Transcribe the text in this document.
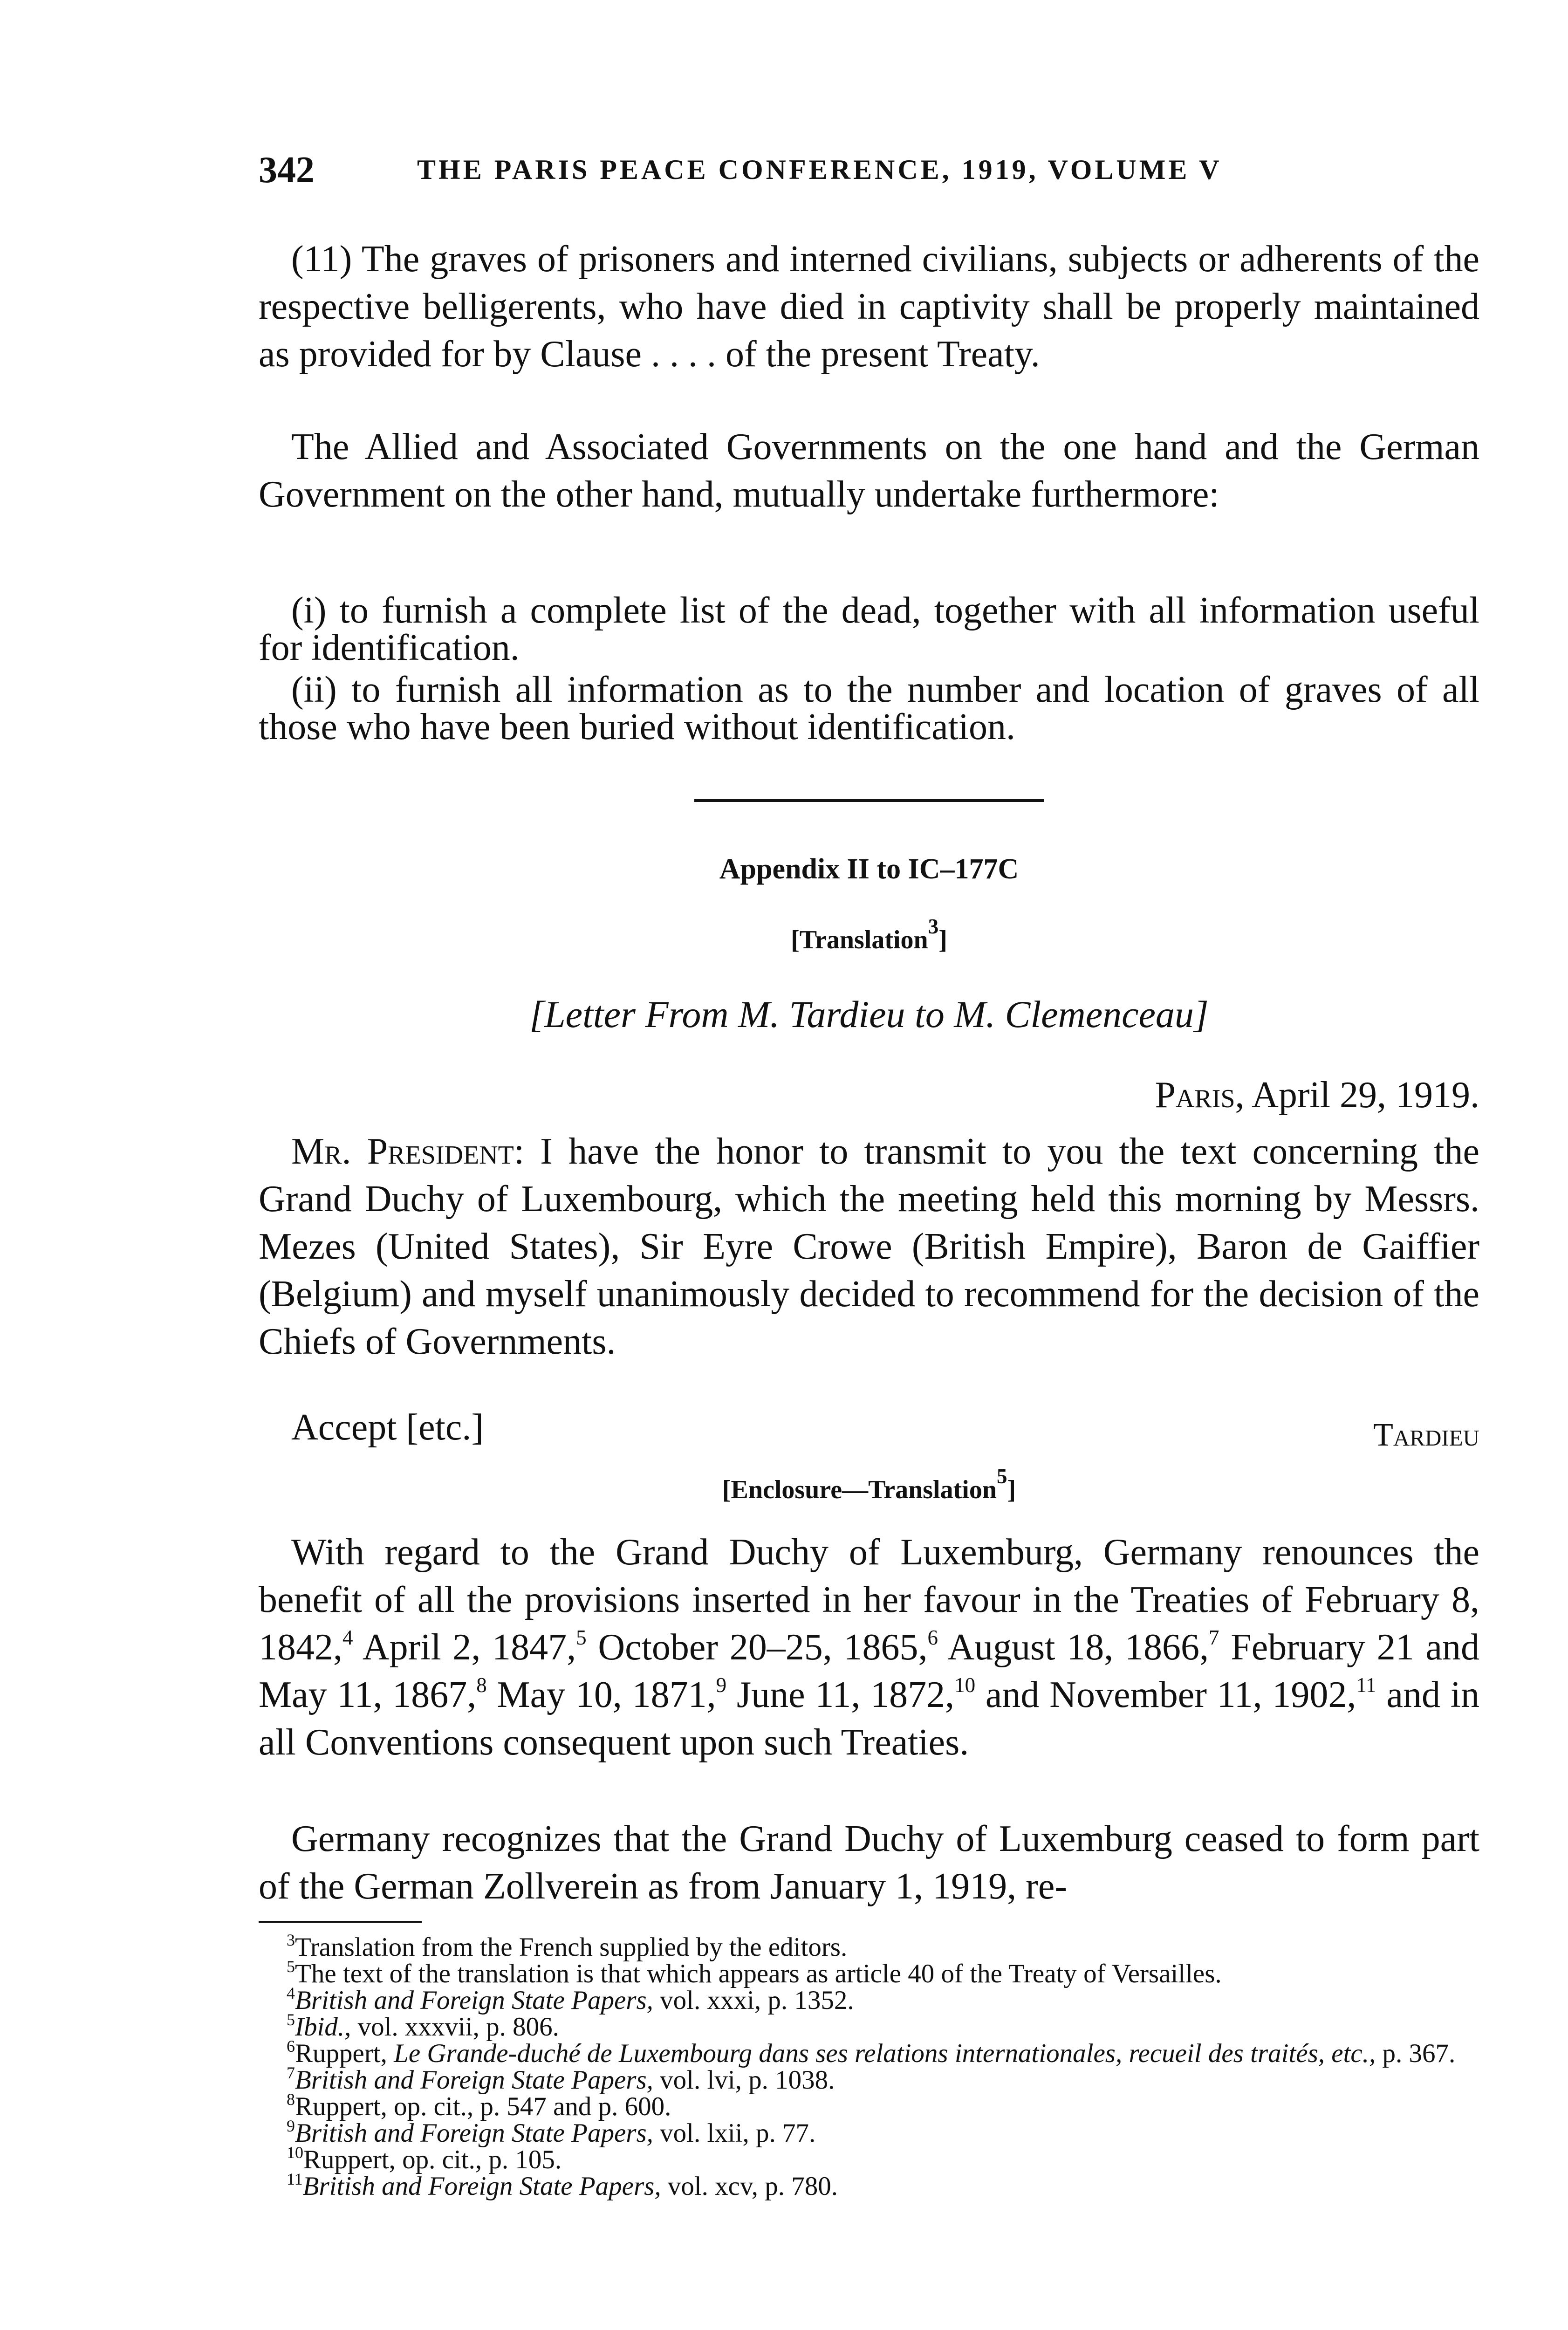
342	THE PARIS PEACE CONFERENCE, 1919, VOLUME V

(11) The graves of prisoners and interned civilians, subjects or adherents of the respective belligerents, who have died in captivity shall be properly maintained as provided for by Clause . . . . of the present Treaty.

The Allied and Associated Governments on the one hand and the German Government on the other hand, mutually undertake furthermore:

(i) to furnish a complete list of the dead, together with all information useful for identification.

(ii) to furnish all information as to the number and location of graves of all those who have been buried without identification.

Appendix II to IC–177C

[Translation$^3$]

[Letter From M. Tardieu to M. Clemenceau]

Paris, April 29, 1919.

Mr. President: I have the honor to transmit to you the text concerning the Grand Duchy of Luxembourg, which the meeting held this morning by Messrs. Mezes (United States), Sir Eyre Crowe (British Empire), Baron de Gaiffier (Belgium) and myself unanimously decided to recommend for the decision of the Chiefs of Governments.

Accept [etc.]	Tardieu

[Enclosure—Translation$^5$]

With regard to the Grand Duchy of Luxemburg, Germany renounces the benefit of all the provisions inserted in her favour in the Treaties of February 8, 1842,$^4$ April 2, 1847,$^5$ October 20–25, 1865,$^6$ August 18, 1866,$^7$ February 21 and May 11, 1867,$^8$ May 10, 1871,$^9$ June 11, 1872,10 and November 11, 1902,11 and in all Conventions consequent upon such Treaties.

Germany recognizes that the Grand Duchy of Luxemburg ceased to form part of the German Zollverein as from January 1, 1919, re-

$^3$Translation from the French supplied by the editors.

$^5$The text of the translation is that which appears as article 40 of the Treaty of Versailles.

$^4$British and Foreign State Papers, vol. xxxi, p. 1352.

$^5$Ibid., vol. xxxvii, p. 806.

$^6$Ruppert, Le Grande-duché de Luxembourg dans ses relations internationales, recueil des traités, etc., p. 367.

$^7$British and Foreign State Papers, vol. lvi, p. 1038.

$^8$Ruppert, op. cit., p. 547 and p. 600.

$^9$British and Foreign State Papers, vol. lxii, p. 77.

$^{10}$Ruppert, op. cit., p. 105.

$^{11}$British and Foreign State Papers, vol. xcv, p. 780.
